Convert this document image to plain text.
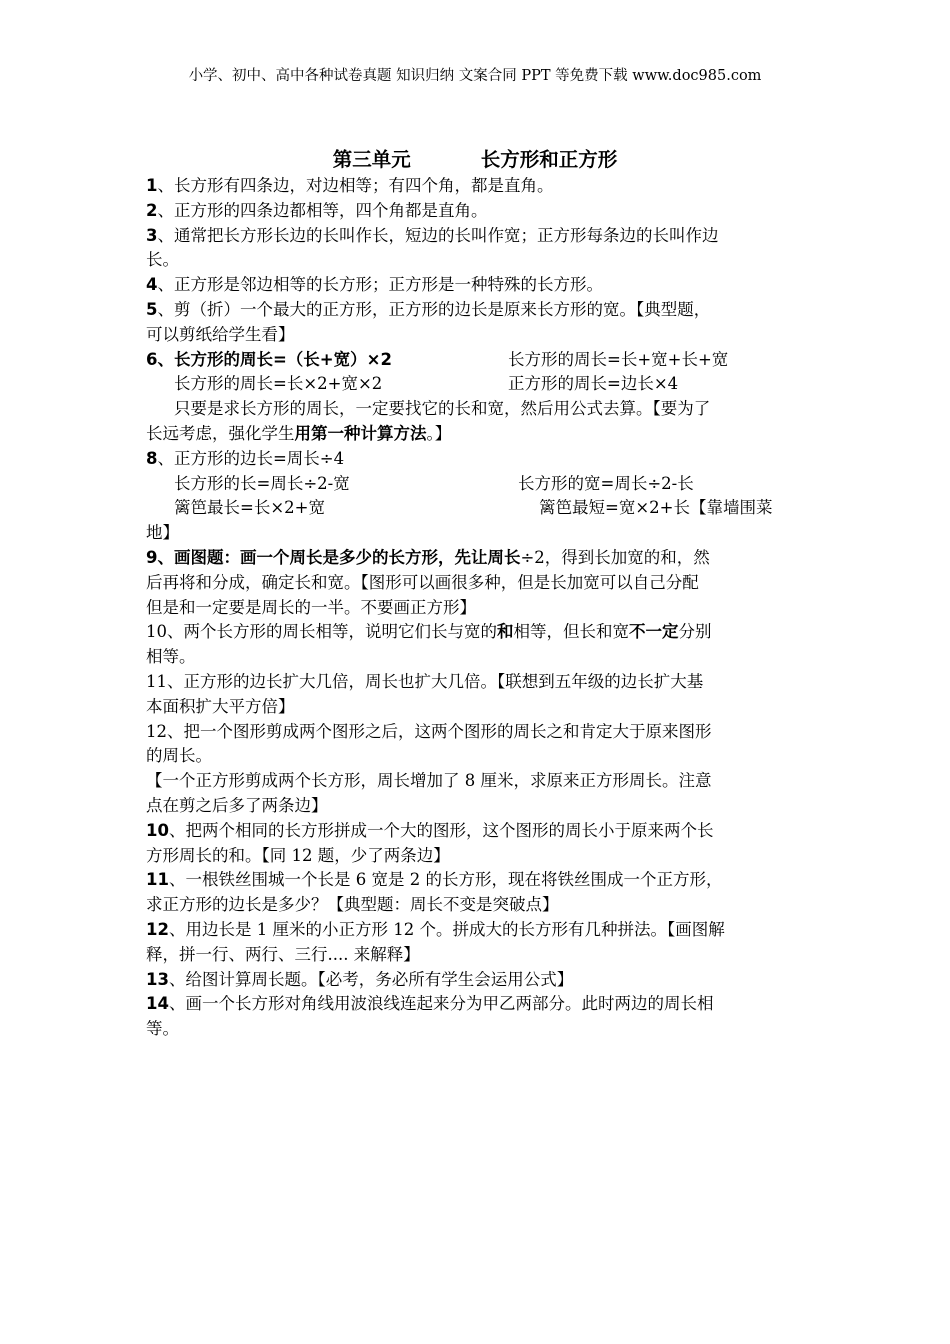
小学、初中、高中各种试卷真题 知识归纳 文案合同 PPT 等免费下载 www.doc985.com
第三单元	长方形和正方形
1、长方形有四条边，对边相等；有四个角，都是直角。
2、正方形的四条边都相等，四个角都是直角。
3、通常把长方形长边的长叫作长，短边的长叫作宽；正方形每条边的长叫作边
长。
4、正方形是邻边相等的长方形；正方形是一种特殊的长方形。
5、剪（折）一个最大的正方形，正方形的边长是原来长方形的宽。【典型题，
可以剪纸给学生看】
6、长方形的周长=（长+宽）×2	长方形的周长=长+宽+长+宽
长方形的周长=长×2+宽×2	正方形的周长=边长×4
只要是求长方形的周长，一定要找它的长和宽，然后用公式去算。【要为了
长远考虑，强化学生用第一种计算方法。】
8、正方形的边长=周长÷4
长方形的长=周长÷2-宽	长方形的宽=周长÷2-长
篱笆最长=长×2+宽	篱笆最短=宽×2+长【靠墙围菜
地】
9、画图题：画一个周长是多少的长方形，先让周长÷2，得到长加宽的和，然
后再将和分成，确定长和宽。【图形可以画很多种，但是长加宽可以自己分配
但是和一定要是周长的一半。不要画正方形】
10、两个长方形的周长相等，说明它们长与宽的和相等，但长和宽不一定分别
相等。
11、正方形的边长扩大几倍，周长也扩大几倍。【联想到五年级的边长扩大基
本面积扩大平方倍】
12、把一个图形剪成两个图形之后，这两个图形的周长之和肯定大于原来图形
的周长。
【一个正方形剪成两个长方形，周长增加了 8 厘米，求原来正方形周长。注意
点在剪之后多了两条边】
10、把两个相同的长方形拼成一个大的图形，这个图形的周长小于原来两个长
方形周长的和。【同 12 题，少了两条边】
11、一根铁丝围城一个长是 6 宽是 2 的长方形，现在将铁丝围成一个正方形，
求正方形的边长是多少？【典型题：周长不变是突破点】
12、用边长是 1 厘米的小正方形 12 个。拼成大的长方形有几种拼法。【画图解
释，拼一行、两行、三行.... 来解释】
13、给图计算周长题。【必考，务必所有学生会运用公式】
14、画一个长方形对角线用波浪线连起来分为甲乙两部分。此时两边的周长相
等。
